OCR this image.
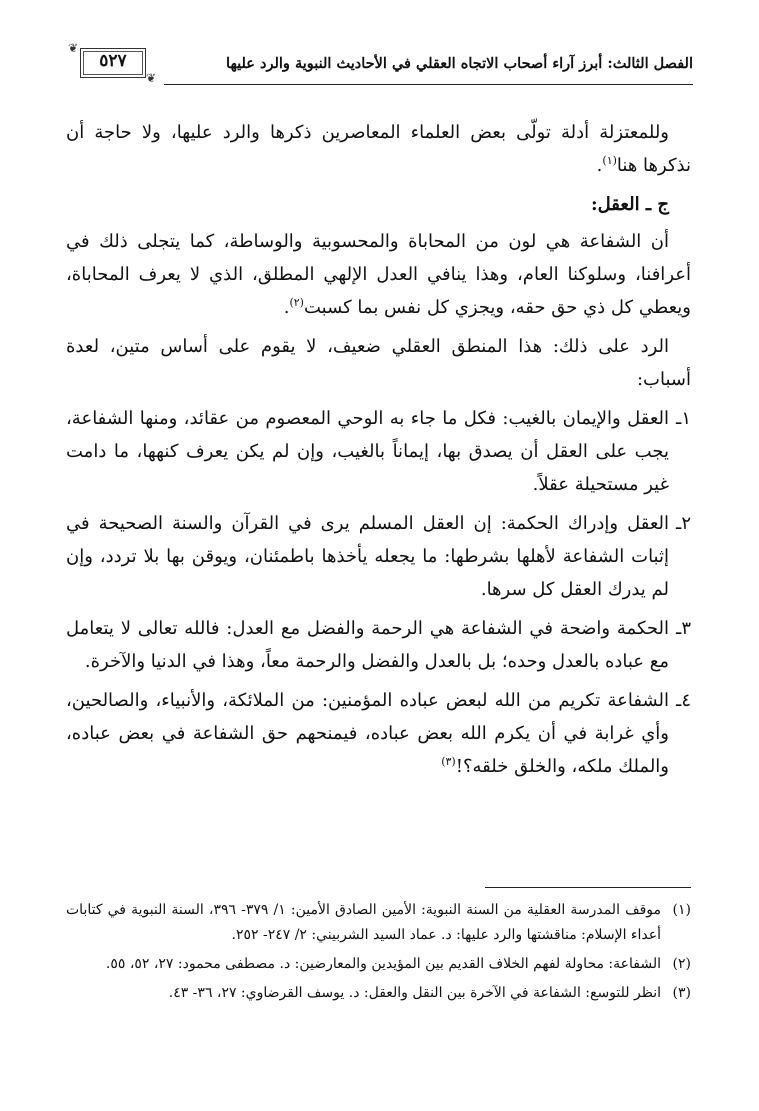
الفصل الثالث: أبرز آراء أصحاب الاتجاه العقلي في الأحاديث النبوية والرد عليها
❦
❦
٥٢٧

وللمعتزلة أدلة تولّى بعض العلماء المعاصرين ذكرها والرد عليها، ولا حاجة أن نذكرها هنا$^{(١)}$.

ج ـ العقل:

أن الشفاعة هي لون من المحاباة والمحسوبية والوساطة، كما يتجلى ذلك في أعرافنا، وسلوكنا العام، وهذا ينافي العدل الإلهي المطلق، الذي لا يعرف المحاباة، ويعطي كل ذي حق حقه، ويجزي كل نفس بما كسبت$^{(٢)}$.

الرد على ذلك: هذا المنطق العقلي ضعيف، لا يقوم على أساس متين، لعدة أسباب:

١ـ
العقل والإيمان بالغيب: فكل ما جاء به الوحي المعصوم من عقائد، ومنها الشفاعة، يجب على العقل أن يصدق بها، إيماناً بالغيب، وإن لم يكن يعرف كنهها، ما دامت غير مستحيلة عقلاً.
٢ـ
العقل وإدراك الحكمة: إن العقل المسلم يرى في القرآن والسنة الصحيحة في إثبات الشفاعة لأهلها بشرطها: ما يجعله يأخذها باطمئنان، ويوقن بها بلا تردد، وإن لم يدرك العقل كل سرها.
٣ـ
الحكمة واضحة في الشفاعة هي الرحمة والفضل مع العدل: فالله تعالى لا يتعامل مع عباده بالعدل وحده؛ بل بالعدل والفضل والرحمة معاً، وهذا في الدنيا والآخرة.
٤ـ
الشفاعة تكريم من الله لبعض عباده المؤمنين: من الملائكة، والأنبياء، والصالحين، وأي غرابة في أن يكرم الله بعض عباده، فيمنحهم حق الشفاعة في بعض عباده، والملك ملكه، والخلق خلقه؟!$^{(٣)}$
(١)
موقف المدرسة العقلية من السنة النبوية: الأمين الصادق الأمين: ١/ ٣٧٩- ٣٩٦، السنة النبوية في كتابات أعداء الإسلام: مناقشتها والرد عليها: د. عماد السيد الشربيني: ٢/ ٢٤٧- ٢٥٢.
(٢)
الشفاعة: محاولة لفهم الخلاف القديم بين المؤيدين والمعارضين: د. مصطفى محمود: ٢٧، ٥٢، ٥٥.
(٣)
انظر للتوسع: الشفاعة في الآخرة بين النقل والعقل: د. يوسف القرضاوي: ٢٧، ٣٦- ٤٣.
